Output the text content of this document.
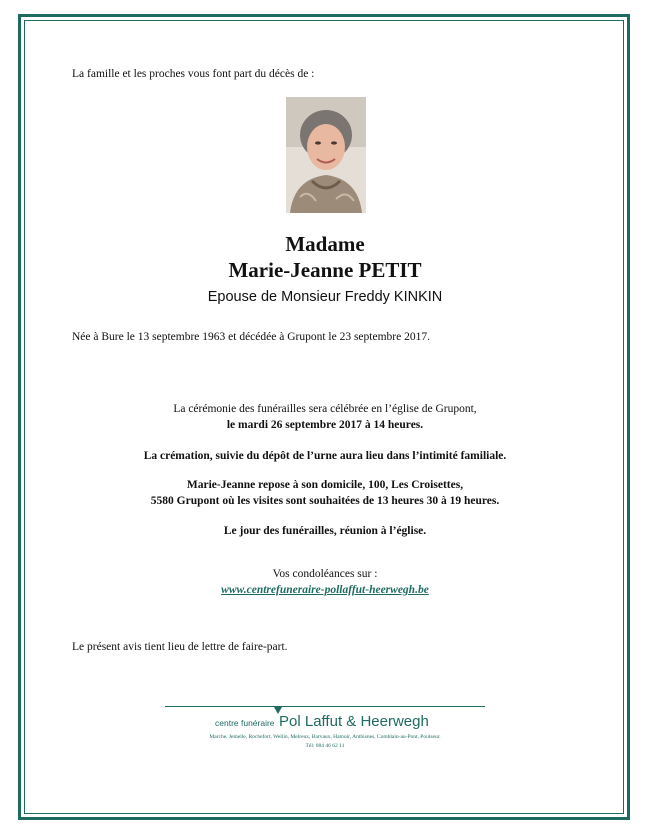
La famille et les proches vous font part du décès de :
Madame
Marie-Jeanne PETIT
Epouse de Monsieur Freddy KINKIN
Née à Bure le 13 septembre 1963 et décédée à Grupont le 23 septembre 2017.
La cérémonie des funérailles sera célébrée en l’église de Grupont,
le mardi 26 septembre 2017 à 14 heures.
La crémation, suivie du dépôt de l’urne aura lieu dans l’intimité familiale.
Marie-Jeanne repose à son domicile, 100, Les Croisettes,
5580 Grupont où les visites sont souhaitées de 13 heures 30 à 19 heures.
Le jour des funérailles, réunion à l’église.
Vos condoléances sur :
www.centrefuneraire-pollaffut-heerwegh.be
Le présent avis tient lieu de lettre de faire-part.
centre funéraire Pol Laffut & Heerwegh
Marche, Jemelle, Rochefort, Wellin, Melreux, Barvaux, Hamoir, Anthisnes, Comblain-au-Pont, Poulseur.
Tél: 084 46 62 11
